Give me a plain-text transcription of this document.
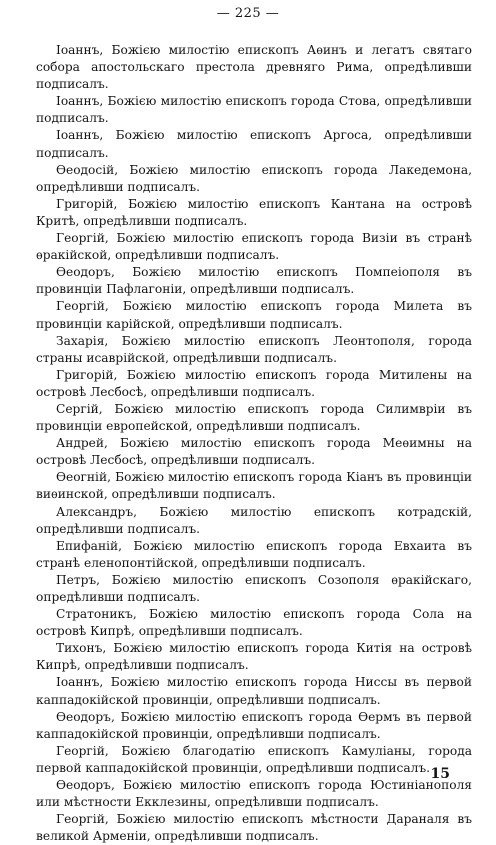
— 225 —

Іоаннъ, Божією милостію епископъ Аѳинъ и легатъ святаго собора апостольскаго престола древняго Рима, опредѣливши подписалъ.

Іоаннъ, Божією милостію епископъ города Стова, опредѣливши подписалъ.

Іоаннъ, Божією милостію епископъ Аргоса, опредѣливши подписалъ.

Ѳеодосій, Божією милостію епископъ города Лакедемона, опредѣливши подписалъ.

Григорій, Божією милостію епископъ Кантана на островѣ Критѣ, опредѣливши подписалъ.

Георгій, Божією милостію епископъ города Визіи въ странѣ ѳракійской, опредѣливши подписалъ.

Ѳеодоръ, Божією милостію епископъ Помпеіополя въ провинціи Пафлагоніи, опредѣливши подписалъ.

Георгій, Божією милостію епископъ города Милета въ провинціи карійской, опредѣливши подписалъ.

Захарія, Божією милостію епископъ Леонтополя, города страны исаврійской, опредѣливши подписалъ.

Григорій, Божією милостію епископъ города Митилены на островѣ Лесбосѣ, опредѣливши подписалъ.

Сергій, Божією милостію епископъ города Силимвріи въ провинціи европейской, опредѣливши подписалъ.

Андрей, Божією милостію епископъ города Меѳимны на островѣ Лесбосѣ, опредѣливши подписалъ.

Ѳеогній, Божією милостію епископъ города Кіанъ въ провинціи виѳинской, опредѣливши подписалъ.

Александръ, Божією милостію епископъ котрадскій, опредѣливши подписалъ.

Епифаній, Божією милостію епископъ города Евхаита въ странѣ еленопонтійской, опредѣливши подписалъ.

Петръ, Божією милостію епископъ Созополя ѳракійскаго, опредѣливши подписалъ.

Стратоникъ, Божією милостію епископъ города Сола на островѣ Кипрѣ, опредѣливши подписалъ.

Тихонъ, Божією милостію епископъ города Китія на островѣ Кипрѣ, опредѣливши подписалъ.

Іоаннъ, Божією милостію епископъ города Ниссы въ первой каппадокійской провинціи, опредѣливши подписалъ.

Ѳеодоръ, Божією милостію епископъ города Ѳермъ въ первой каппадокійской провинціи, опредѣливши подписалъ.

Георгій, Божією благодатію епископъ Камуліаны, города первой каппадокійской провинціи, опредѣливши подписалъ.

Ѳеодоръ, Божією милостію епископъ города Юстиніанополя или мѣстности Екклезины, опредѣливши подписалъ.

Георгій, Божією милостію епископъ мѣстности Дараналя въ великой Арменіи, опредѣливши подписалъ.

15
